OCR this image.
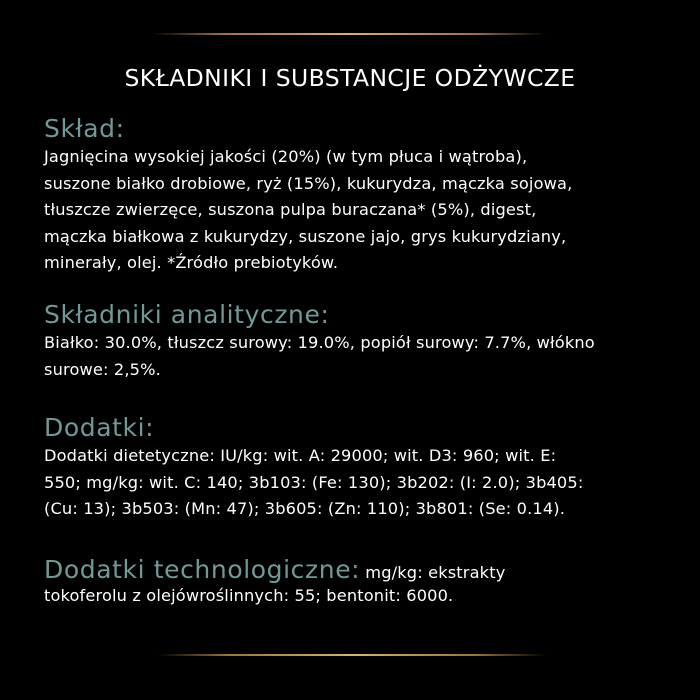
SKŁADNIKI I SUBSTANCJE ODŻYWCZE
Skład:

Jagnięcina wysokiej jakości (20%) (w tym płuca i wątroba),
suszone białko drobiowe, ryż (15%), kukurydza, mączka sojowa,
tłuszcze zwierzęce, suszona pulpa buraczana* (5%), digest,
mączka białkowa z kukurydzy, suszone jajo, grys kukurydziany,
minerały, olej. *Źródło prebiotyków.

Składniki analityczne:

Białko: 30.0%, tłuszcz surowy: 19.0%, popiół surowy: 7.7%, włókno
surowe: 2,5%.

Dodatki:

Dodatki dietetyczne: IU/kg: wit. A: 29000; wit. D3: 960; wit. E:
550; mg/kg: wit. C: 140; 3b103: (Fe: 130); 3b202: (I: 2.0); 3b405:
(Cu: 13); 3b503: (Mn: 47); 3b605: (Zn: 110); 3b801: (Se: 0.14).

Dodatki technologiczne: mg/kg: ekstrakty

tokoferolu z olejówroślinnych: 55; bentonit: 6000.
